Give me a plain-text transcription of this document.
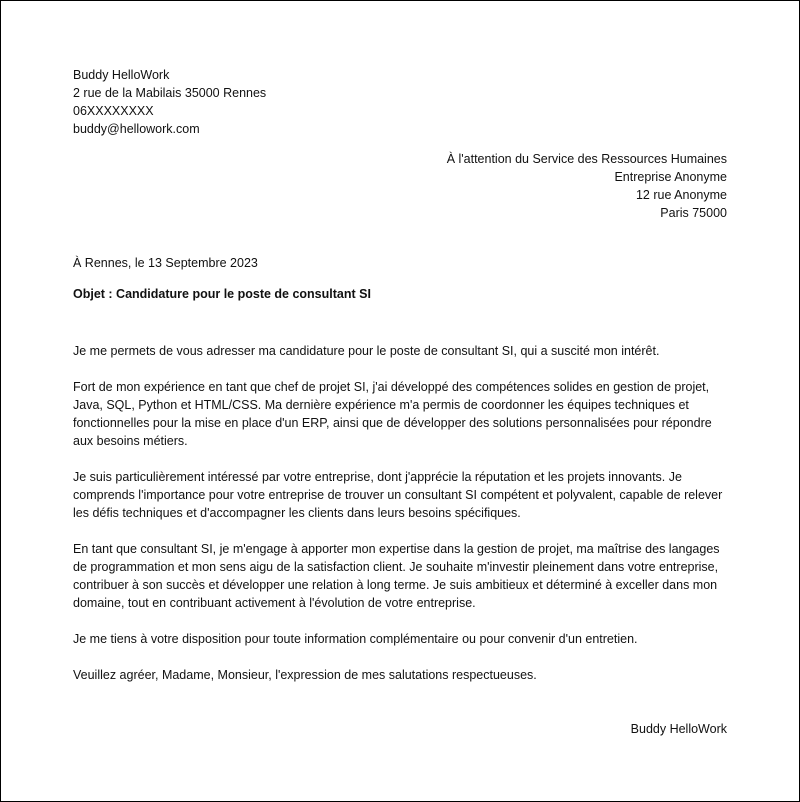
Buddy HelloWork
2 rue de la Mabilais 35000 Rennes
06XXXXXXXX
buddy@hellowork.com
À l'attention du Service des Ressources Humaines
Entreprise Anonyme
12 rue Anonyme
Paris 75000
À Rennes, le 13 Septembre 2023
Objet : Candidature pour le poste de consultant SI

Je me permets de vous adresser ma candidature pour le poste de consultant SI, qui a suscité mon intérêt.

Fort de mon expérience en tant que chef de projet SI, j'ai développé des compétences solides en gestion de projet, Java, SQL, Python et HTML/CSS. Ma dernière expérience m'a permis de coordonner les équipes techniques et fonctionnelles pour la mise en place d'un ERP, ainsi que de développer des solutions personnalisées pour répondre aux besoins métiers.

Je suis particulièrement intéressé par votre entreprise, dont j'apprécie la réputation et les projets innovants. Je comprends l'importance pour votre entreprise de trouver un consultant SI compétent et polyvalent, capable de relever les défis techniques et d'accompagner les clients dans leurs besoins spécifiques.

En tant que consultant SI, je m'engage à apporter mon expertise dans la gestion de projet, ma maîtrise des langages de programmation et mon sens aigu de la satisfaction client. Je souhaite m'investir pleinement dans votre entreprise, contribuer à son succès et développer une relation à long terme. Je suis ambitieux et déterminé à exceller dans mon domaine, tout en contribuant activement à l'évolution de votre entreprise.

Je me tiens à votre disposition pour toute information complémentaire ou pour convenir d'un entretien.

Veuillez agréer, Madame, Monsieur, l'expression de mes salutations respectueuses.

Buddy HelloWork
